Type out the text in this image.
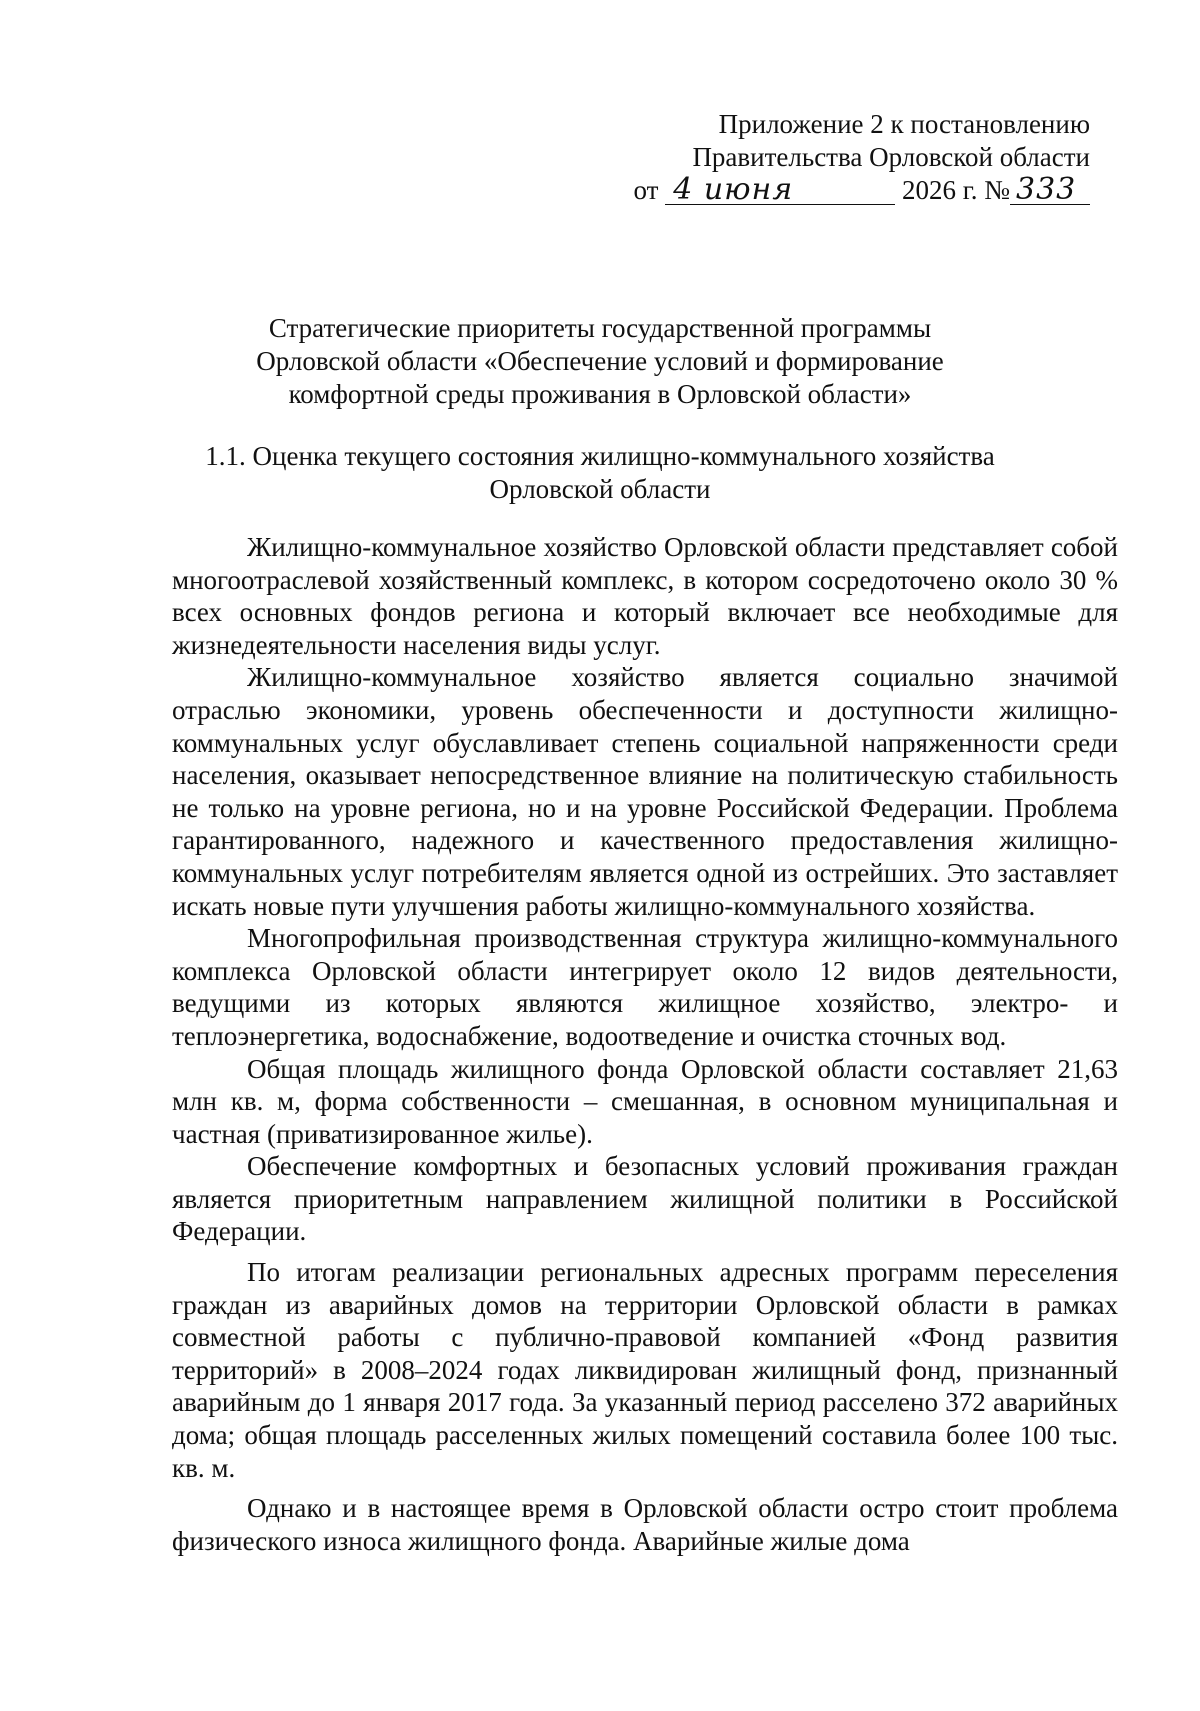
Приложение 2 к постановлению
Правительства Орловской области
от 4 июня	2026 г. № 333
Стратегические приоритеты государственной программы
Орловской области «Обеспечение условий и формирование
комфортной среды проживания в Орловской области»
1.1. Оценка текущего состояния жилищно-коммунального хозяйства
Орловской области

Жилищно-коммунальное хозяйство Орловской области представляет собой многоотраслевой хозяйственный комплекс, в котором сосредоточено около 30 % всех основных фондов региона и который включает все необходимые для жизнедеятельности населения виды услуг.

Жилищно-коммунальное хозяйство является социально значимой отраслью экономики, уровень обеспеченности и доступности жилищно-коммунальных услуг обуславливает степень социальной напряженности среди населения, оказывает непосредственное влияние на политическую стабильность не только на уровне региона, но и на уровне Российской Федерации. Проблема гарантированного, надежного и качественного предоставления жилищно-коммунальных услуг потребителям является одной из острейших. Это заставляет искать новые пути улучшения работы жилищно-коммунального хозяйства.

Многопрофильная производственная структура жилищно-коммунального комплекса Орловской области интегрирует около 12 видов деятельности, ведущими из которых являются жилищное хозяйство, электро- и теплоэнергетика, водоснабжение, водоотведение и очистка сточных вод.

Общая площадь жилищного фонда Орловской области составляет 21,63 млн кв. м, форма собственности – смешанная, в основном муниципальная и частная (приватизированное жилье).

Обеспечение комфортных и безопасных условий проживания граждан является приоритетным направлением жилищной политики в Российской Федерации.

По итогам реализации региональных адресных программ переселения граждан из аварийных домов на территории Орловской области в рамках совместной работы с публично-правовой компанией «Фонд развития территорий» в 2008–2024 годах ликвидирован жилищный фонд, признанный аварийным до 1 января 2017 года. За указанный период расселено 372 аварийных дома; общая площадь расселенных жилых помещений составила более 100 тыс. кв. м.

Однако и в настоящее время в Орловской области остро стоит проблема физического износа жилищного фонда. Аварийные жилые дома
